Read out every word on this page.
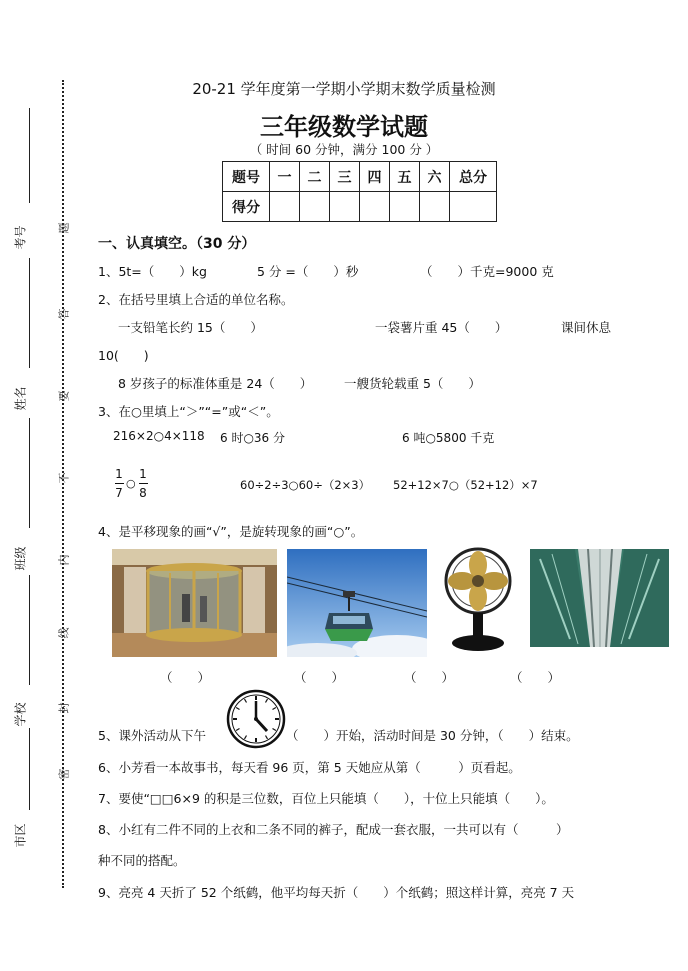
考号
姓名
班级
学校
市区
题
答
要
不
内
线
封
密
20-21 学年度第一学期小学期末数学质量检测
三年级数学试题
（ 时间 60 分钟，满分 100 分 ）
题号	一	二	三	四	五	六	总分
得分							
一、认真填空。（30 分）
1、5t=（　　）kg	5 分 =（　　）秒	（　　）千克=9000 克
2、在括号里填上合适的单位名称。
一支铅笔长约 15（　　）	一袋薯片重 45（　　）	课间休息
10(　　)
8 岁孩子的标准体重是 24（　　）	一艘货轮载重 5（　　）
3、在○里填上“＞”“=”或“＜”。
216×2○4×118 6 时○36 分	6 吨○5800 千克
1
7
○
1
8
60÷2÷3○60÷（2×3） 52+12×7○（52+12）×7
4、是平移现象的画“√”，是旋转现象的画“○”。
（　　）	（　　）	（　　）	（　　）
5、课外活动从下午	（　　）开始，活动时间是 30 分钟，（　　）结束。
6、小芳看一本故事书，每天看 96 页，第 5 天她应从第（　　　）页看起。
7、要使“□□6×9 的积是三位数，百位上只能填（　　），十位上只能填（　　）。
8、小红有二件不同的上衣和二条不同的裤子，配成一套衣服，一共可以有（　　　）
种不同的搭配。
9、亮亮 4 天折了 52 个纸鹤，他平均每天折（　　）个纸鹤；照这样计算，亮亮 7 天
